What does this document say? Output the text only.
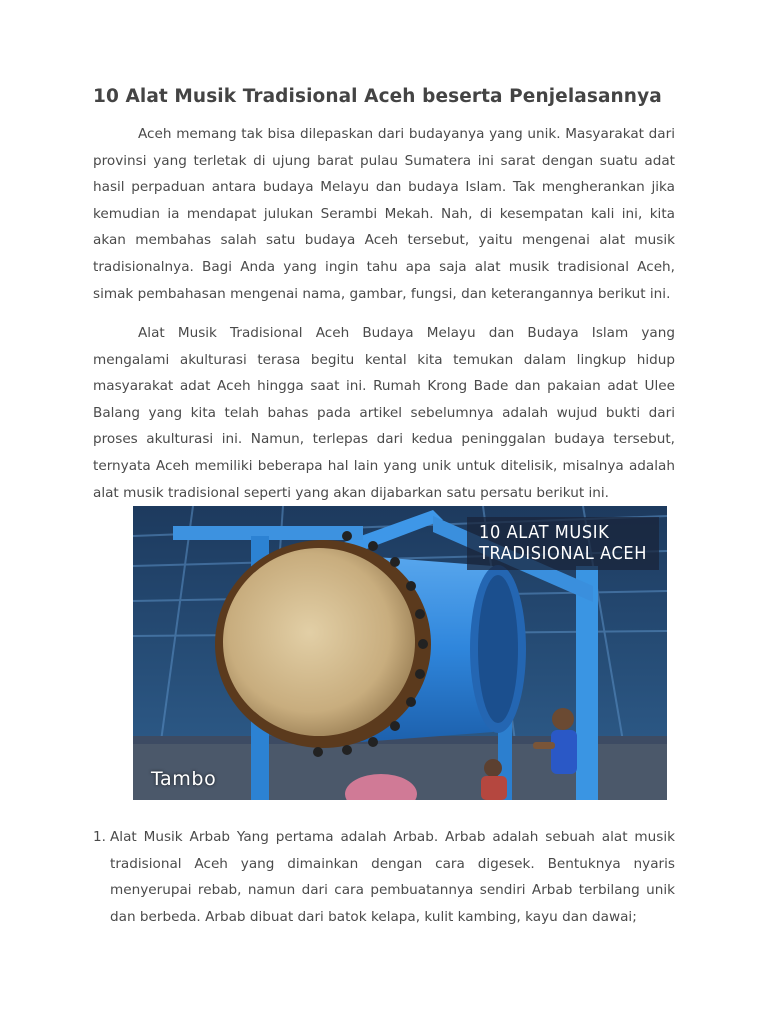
10 Alat Musik Tradisional Aceh beserta Penjelasannya

Aceh memang tak bisa dilepaskan dari budayanya yang unik. Masyarakat dari provinsi yang terletak di ujung barat pulau Sumatera ini sarat dengan suatu adat hasil perpaduan antara budaya Melayu dan budaya Islam. Tak mengherankan jika kemudian ia mendapat julukan Serambi Mekah. Nah, di kesempatan kali ini, kita akan membahas salah satu budaya Aceh tersebut, yaitu mengenai alat musik tradisionalnya. Bagi Anda yang ingin tahu apa saja alat musik tradisional Aceh, simak pembahasan mengenai nama, gambar, fungsi, dan keterangannya berikut ini.

Alat Musik Tradisional Aceh Budaya Melayu dan Budaya Islam yang mengalami akulturasi terasa begitu kental kita temukan dalam lingkup hidup masyarakat adat Aceh hingga saat ini. Rumah Krong Bade dan pakaian adat Ulee Balang yang kita telah bahas pada artikel sebelumnya adalah wujud bukti dari proses akulturasi ini. Namun, terlepas dari kedua peninggalan budaya tersebut, ternyata Aceh memiliki beberapa hal lain yang unik untuk ditelisik, misalnya adalah alat musik tradisional seperti yang akan dijabarkan satu persatu berikut ini.

10 ALAT MUSIK
TRADISIONAL ACEH
Tambo
1. Alat Musik Arbab Yang pertama adalah Arbab. Arbab adalah sebuah alat musik tradisional Aceh yang dimainkan dengan cara digesek. Bentuknya nyaris menyerupai rebab, namun dari cara pembuatannya sendiri Arbab terbilang unik dan berbeda. Arbab dibuat dari batok kelapa, kulit kambing, kayu dan dawai;
